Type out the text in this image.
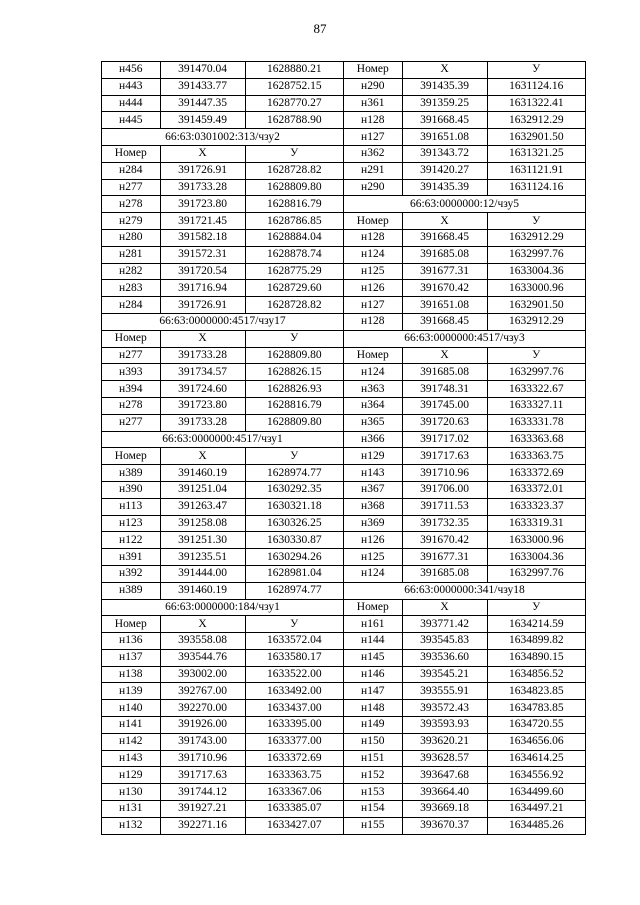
87
н456	391470.04	1628880.21
н443	391433.77	1628752.15
н444	391447.35	1628770.27
н445	391459.49	1628788.90
66:63:0301002:313/чзу2		
Номер	X	У
н284	391726.91	1628728.82
н277	391733.28	1628809.80
н278	391723.80	1628816.79
н279	391721.45	1628786.85
н280	391582.18	1628884.04
н281	391572.31	1628878.74
н282	391720.54	1628775.29
н283	391716.94	1628729.60
н284	391726.91	1628728.82
66:63:0000000:4517/чзу17		
Номер	X	У
н277	391733.28	1628809.80
н393	391734.57	1628826.15
н394	391724.60	1628826.93
н278	391723.80	1628816.79
н277	391733.28	1628809.80
66:63:0000000:4517/чзу1		
Номер	X	У
н389	391460.19	1628974.77
н390	391251.04	1630292.35
н113	391263.47	1630321.18
н123	391258.08	1630326.25
н122	391251.30	1630330.87
н391	391235.51	1630294.26
н392	391444.00	1628981.04
н389	391460.19	1628974.77
66:63:0000000:184/чзу1		
Номер	X	У
н136	393558.08	1633572.04
н137	393544.76	1633580.17
н138	393002.00	1633522.00
н139	392767.00	1633492.00
н140	392270.00	1633437.00
н141	391926.00	1633395.00
н142	391743.00	1633377.00
н143	391710.96	1633372.69
н129	391717.63	1633363.75
н130	391744.12	1633367.06
н131	391927.21	1633385.07
н132	392271.16	1633427.07
Номер	X	У
н290	391435.39	1631124.16
н361	391359.25	1631322.41
н128	391668.45	1632912.29
н127	391651.08	1632901.50
н362	391343.72	1631321.25
н291	391420.27	1631121.91
н290	391435.39	1631124.16
66:63:0000000:12/чзу5		
Номер	X	У
н128	391668.45	1632912.29
н124	391685.08	1632997.76
н125	391677.31	1633004.36
н126	391670.42	1633000.96
н127	391651.08	1632901.50
н128	391668.45	1632912.29
66:63:0000000:4517/чзу3		
Номер	X	У
н124	391685.08	1632997.76
н363	391748.31	1633322.67
н364	391745.00	1633327.11
н365	391720.63	1633331.78
н366	391717.02	1633363.68
н129	391717.63	1633363.75
н143	391710.96	1633372.69
н367	391706.00	1633372.01
н368	391711.53	1633323.37
н369	391732.35	1633319.31
н126	391670.42	1633000.96
н125	391677.31	1633004.36
н124	391685.08	1632997.76
66:63:0000000:341/чзу18		
Номер	X	У
н161	393771.42	1634214.59
н144	393545.83	1634899.82
н145	393536.60	1634890.15
н146	393545.21	1634856.52
н147	393555.91	1634823.85
н148	393572.43	1634783.85
н149	393593.93	1634720.55
н150	393620.21	1634656.06
н151	393628.57	1634614.25
н152	393647.68	1634556.92
н153	393664.40	1634499.60
н154	393669.18	1634497.21
н155	393670.37	1634485.26
